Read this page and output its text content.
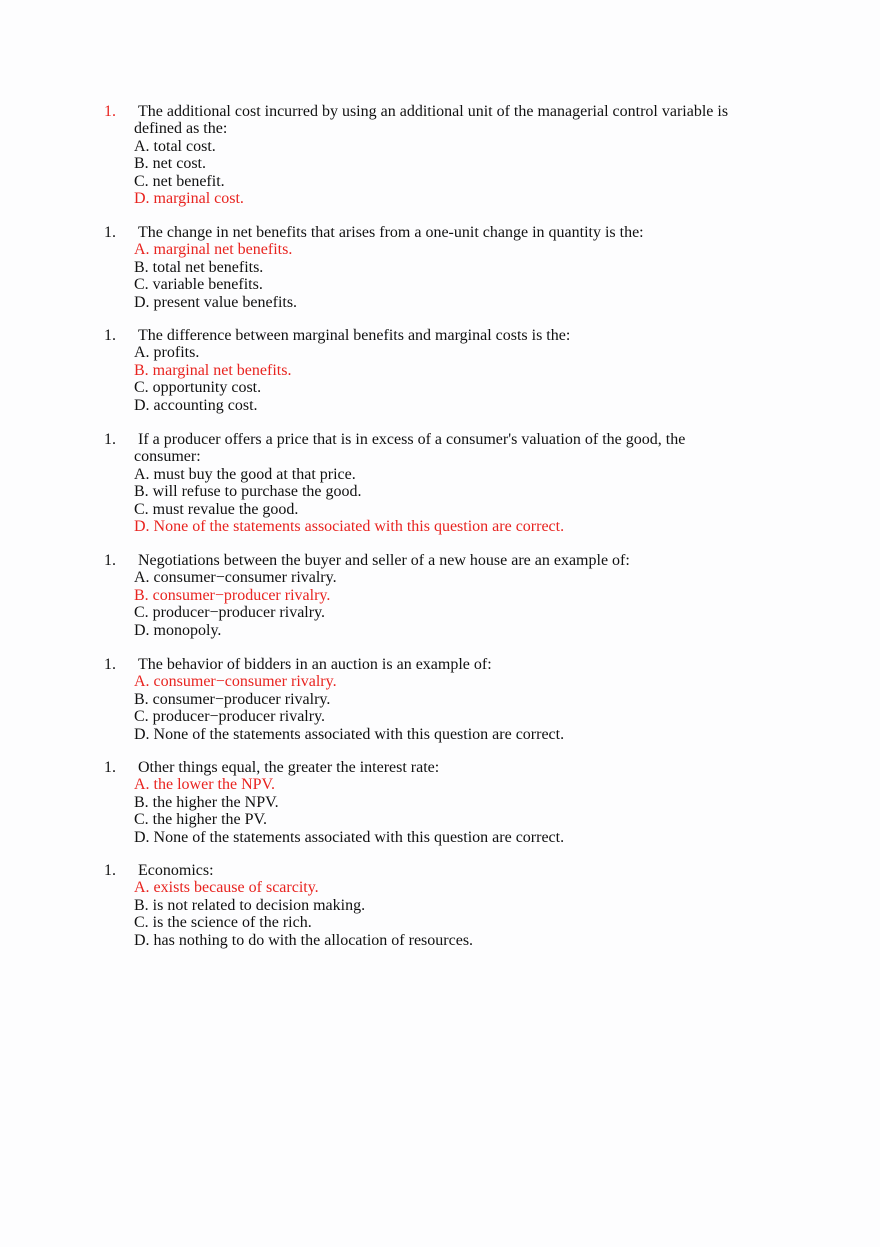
1.	The additional cost incurred by using an additional unit of the managerial control variable is
defined as the:
A. total cost.
B. net cost.
C. net benefit.
D. marginal cost.
1.	The change in net benefits that arises from a one-unit change in quantity is the:
A. marginal net benefits.
B. total net benefits.
C. variable benefits.
D. present value benefits.
1.	The difference between marginal benefits and marginal costs is the:
A. profits.
B. marginal net benefits.
C. opportunity cost.
D. accounting cost.
1.	If a producer offers a price that is in excess of a consumer's valuation of the good, the
consumer:
A. must buy the good at that price.
B. will refuse to purchase the good.
C. must revalue the good.
D. None of the statements associated with this question are correct.
1.	Negotiations between the buyer and seller of a new house are an example of:
A. consumer−consumer rivalry.
B. consumer−producer rivalry.
C. producer−producer rivalry.
D. monopoly.
1.	The behavior of bidders in an auction is an example of:
A. consumer−consumer rivalry.
B. consumer−producer rivalry.
C. producer−producer rivalry.
D. None of the statements associated with this question are correct.
1.	Other things equal, the greater the interest rate:
A. the lower the NPV.
B. the higher the NPV.
C. the higher the PV.
D. None of the statements associated with this question are correct.
1.	Economics:
A. exists because of scarcity.
B. is not related to decision making.
C. is the science of the rich.
D. has nothing to do with the allocation of resources.
